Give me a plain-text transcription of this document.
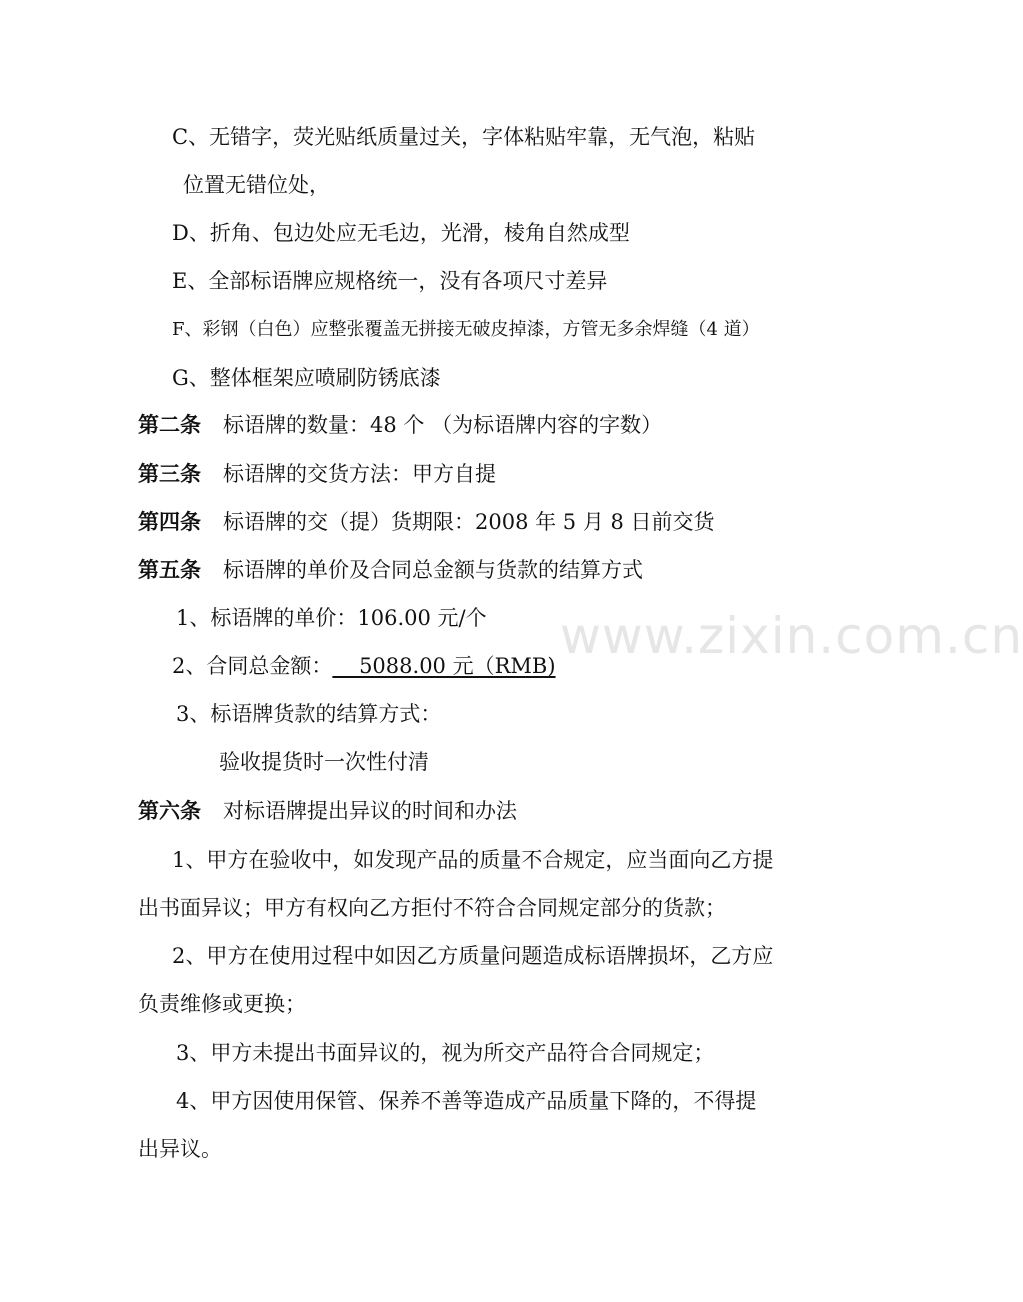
www.zixin.com.cn
C、无错字，荧光贴纸质量过关，字体粘贴牢靠，无气泡，粘贴
位置无错位处，
D、折角、包边处应无毛边，光滑，棱角自然成型
E、全部标语牌应规格统一，没有各项尺寸差异
F、彩钢（白色）应整张覆盖无拼接无破皮掉漆，方管无多余焊缝（4 道）
G、整体框架应喷刷防锈底漆
第二条 标语牌的数量：48 个 （为标语牌内容的字数）
第三条 标语牌的交货方法：甲方自提
第四条 标语牌的交（提）货期限：2008 年 5 月 8 日前交货
第五条 标语牌的单价及合同总金额与货款的结算方式
1、标语牌的单价：106.00 元/个
2、合同总金额：    5088.00 元（RMB)
3、标语牌货款的结算方式：
验收提货时一次性付清
第六条 对标语牌提出异议的时间和办法
1、甲方在验收中，如发现产品的质量不合规定，应当面向乙方提
出书面异议；甲方有权向乙方拒付不符合合同规定部分的货款；
2、甲方在使用过程中如因乙方质量问题造成标语牌损坏，乙方应
负责维修或更换；
3、甲方未提出书面异议的，视为所交产品符合合同规定；
4、甲方因使用保管、保养不善等造成产品质量下降的，不得提
出异议。
